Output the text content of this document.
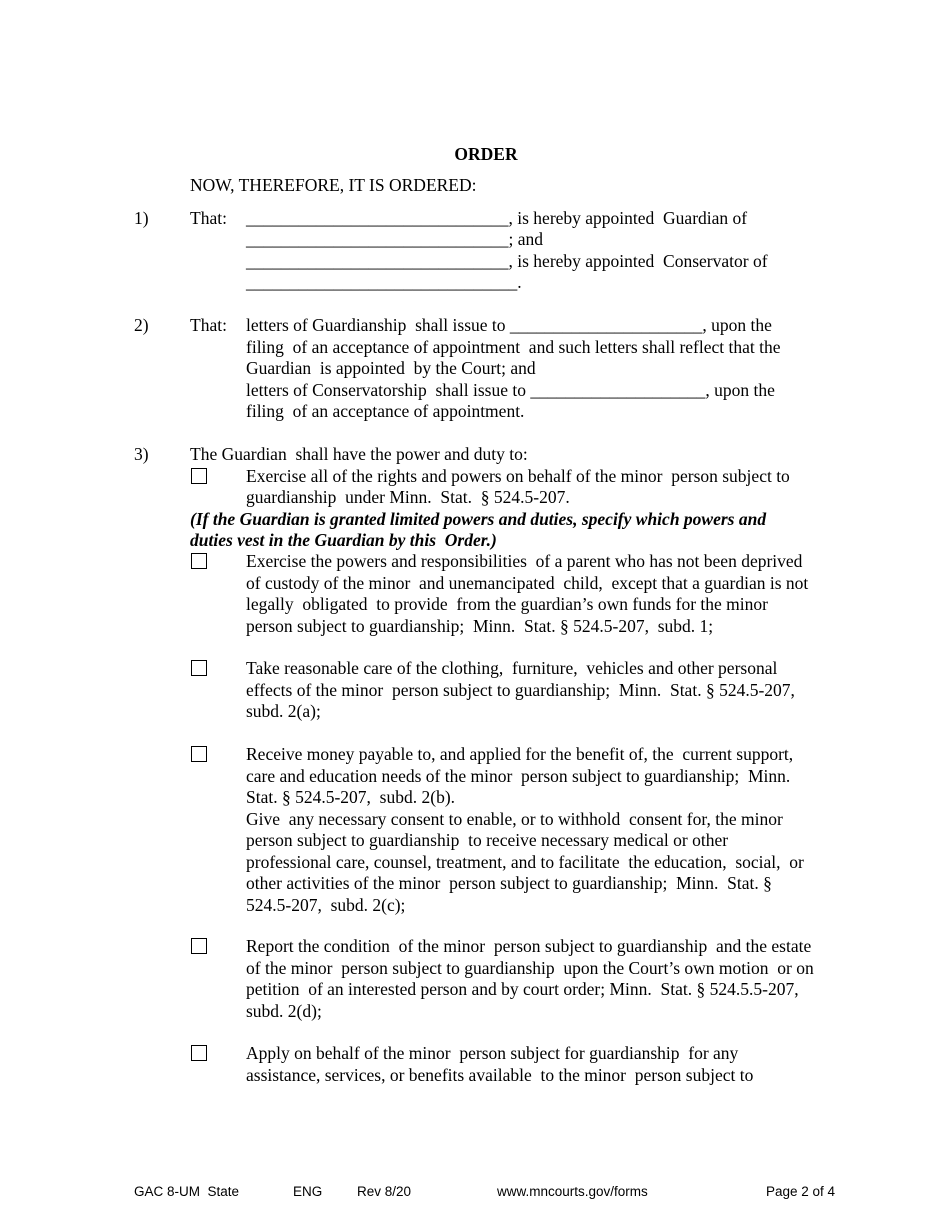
ORDER
NOW, THEREFORE, IT IS ORDERED:
1) That: ______________________________, is hereby appointed  Guardian of
______________________________; and
______________________________, is hereby appointed  Conservator of
_______________________________.
2) That: letters of Guardianship  shall issue to ______________________, upon the
filing  of an acceptance of appointment  and such letters shall reflect that the
Guardian  is appointed  by the Court; and
letters of Conservatorship  shall issue to ____________________, upon the
filing  of an acceptance of appointment.
3) The Guardian  shall have the power and duty to:
Exercise all of the rights and powers on behalf of the minor  person subject to
guardianship  under Minn.  Stat.  § 524.5-207.
(If the Guardian is granted limited powers and duties, specify which powers and
duties vest in the Guardian by this  Order.)
Exercise the powers and responsibilities  of a parent who has not been deprived
of custody of the minor  and unemancipated  child,  except that a guardian is not
legally  obligated  to provide  from the guardian’s own funds for the minor
person subject to guardianship;  Minn.  Stat. § 524.5-207,  subd. 1;
Take reasonable care of the clothing,  furniture,  vehicles and other personal
effects of the minor  person subject to guardianship;  Minn.  Stat. § 524.5-207,
subd. 2(a);
Receive money payable to, and applied for the benefit of, the  current support,
care and education needs of the minor  person subject to guardianship;  Minn.
Stat. § 524.5-207,  subd. 2(b).
Give  any necessary consent to enable, or to withhold  consent for, the minor
person subject to guardianship  to receive necessary medical or other
professional care, counsel, treatment, and to facilitate  the education,  social,  or
other activities of the minor  person subject to guardianship;  Minn.  Stat. §
524.5-207,  subd. 2(c);
Report the condition  of the minor  person subject to guardianship  and the estate
of the minor  person subject to guardianship  upon the Court’s own motion  or on
petition  of an interested person and by court order; Minn.  Stat. § 524.5.5-207,
subd. 2(d);
Apply on behalf of the minor  person subject for guardianship  for any
assistance, services, or benefits available  to the minor  person subject to
GAC 8-UM  State	ENG	Rev 8/20	www.mncourts.gov/forms	Page 2 of 4
